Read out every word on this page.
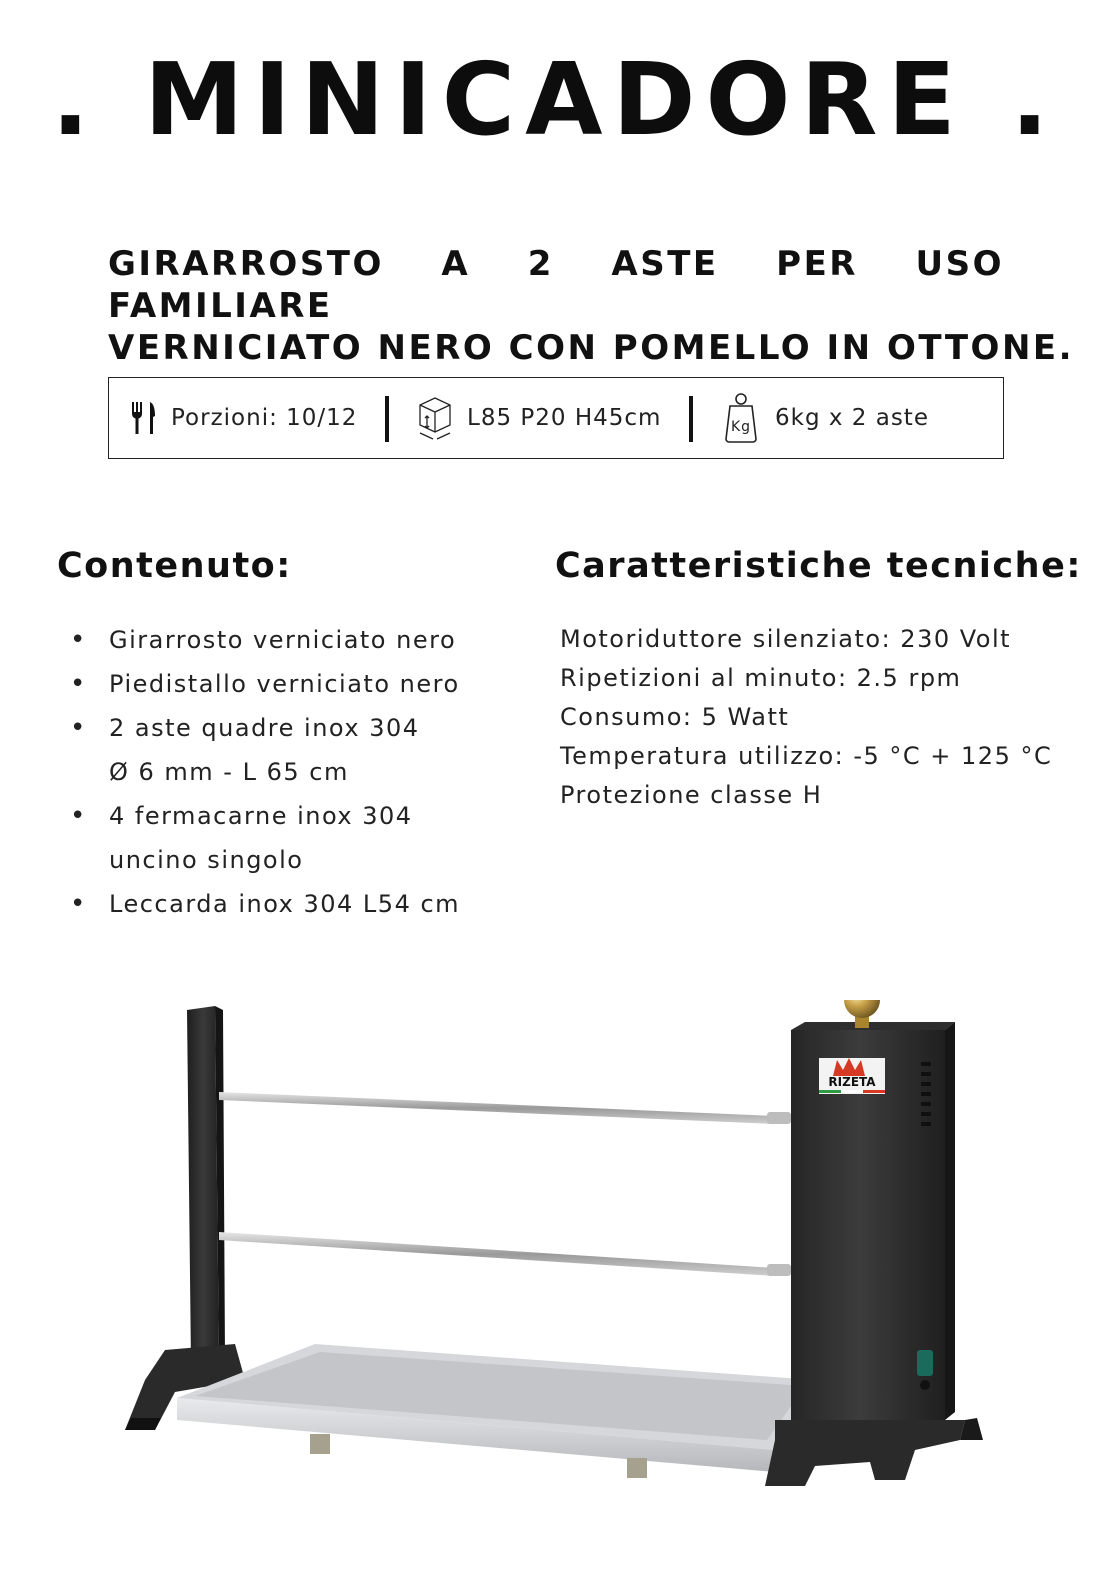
. MINICADORE .
GIRARROSTO A 2 ASTE PER USO FAMILIARE
VERNICIATO NERO CON POMELLO IN OTTONE.
Porzioni: 10/12	L85 P20 H45cm	Kg 6kg x 2 aste
Contenuto:
• Girarrosto verniciato nero
• Piedistallo verniciato nero
• 2 aste quadre inox 304
Ø 6 mm - L 65 cm
• 4 fermacarne inox 304 uncino singolo
• Leccarda inox 304 L54 cm
Caratteristiche tecniche:
Motoriduttore silenziato: 230 Volt
Ripetizioni al minuto: 2.5 rpm
Consumo: 5 Watt
Temperatura utilizzo: -5 °C + 125 °C
Protezione classe H
RIZETA
